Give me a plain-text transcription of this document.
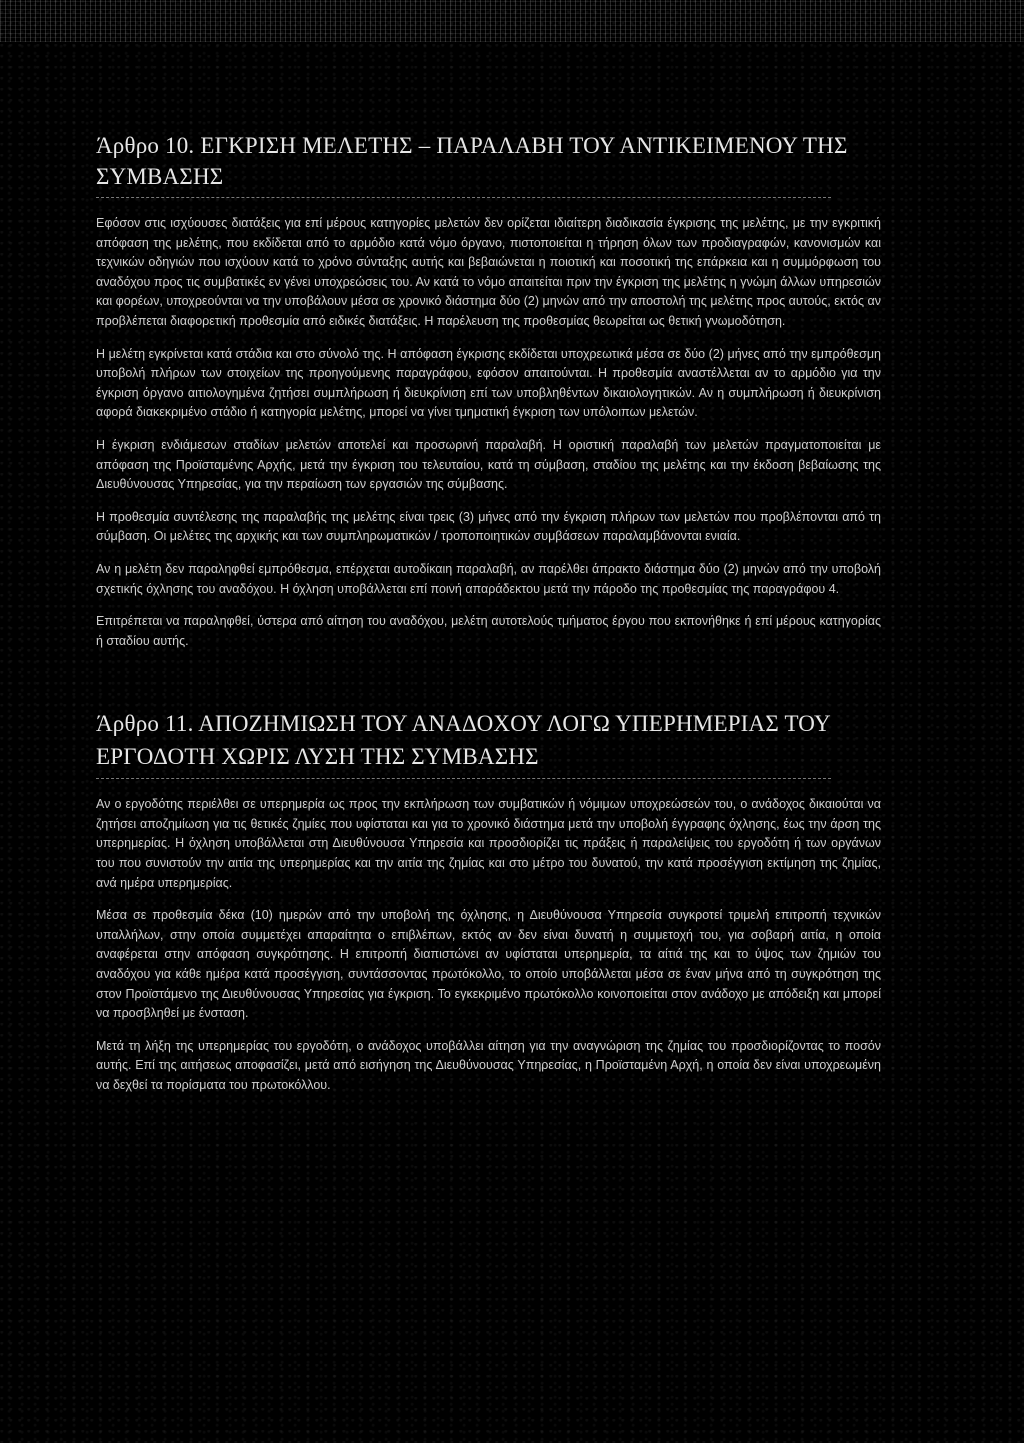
Άρθρο 10. ΕΓΚΡΙΣΗ ΜΕΛΕΤΗΣ – ΠΑΡΑΛΑΒΗ ΤΟΥ ΑΝΤΙΚΕΙΜΕΝΟΥ ΤΗΣ ΣΥΜΒΑΣΗΣ

Εφόσον στις ισχύουσες διατάξεις για επί μέρους κατηγορίες μελετών δεν ορίζεται ιδιαίτερη διαδικασία έγκρισης της μελέτης, με την εγκριτική απόφαση της μελέτης, που εκδίδεται από το αρμόδιο κατά νόμο όργανο, πιστοποιείται η τήρηση όλων των προδιαγραφών, κανονισμών και τεχνικών οδηγιών που ισχύουν κατά το χρόνο σύνταξης αυτής και βεβαιώνεται η ποιοτική και ποσοτική της επάρκεια και η συμμόρφωση του αναδόχου προς τις συμβατικές εν γένει υποχρεώσεις του. Αν κατά το νόμο απαιτείται πριν την έγκριση της μελέτης η γνώμη άλλων υπηρεσιών και φορέων, υποχρεούνται να την υποβάλουν μέσα σε χρονικό διάστημα δύο (2) μηνών από την αποστολή της μελέτης προς αυτούς, εκτός αν προβλέπεται διαφορετική προθεσμία από ειδικές διατάξεις. Η παρέλευση της προθεσμίας θεωρείται ως θετική γνωμοδότηση.

Η μελέτη εγκρίνεται κατά στάδια και στο σύνολό της. Η απόφαση έγκρισης εκδίδεται υποχρεωτικά μέσα σε δύο (2) μήνες από την εμπρόθεσμη υποβολή πλήρων των στοιχείων της προηγούμενης παραγράφου, εφόσον απαιτούνται. Η προθεσμία αναστέλλεται αν το αρμόδιο για την έγκριση όργανο αιτιολογημένα ζητήσει συμπλήρωση ή διευκρίνιση επί των υποβληθέντων δικαιολογητικών. Αν η συμπλήρωση ή διευκρίνιση αφορά διακεκριμένο στάδιο ή κατηγορία μελέτης, μπορεί να γίνει τμηματική έγκριση των υπόλοιπων μελετών.

Η έγκριση ενδιάμεσων σταδίων μελετών αποτελεί και προσωρινή παραλαβή. Η οριστική παραλαβή των μελετών πραγματοποιείται με απόφαση της Προϊσταμένης Αρχής, μετά την έγκριση του τελευταίου, κατά τη σύμβαση, σταδίου της μελέτης και την έκδοση βεβαίωσης της Διευθύνουσας Υπηρεσίας, για την περαίωση των εργασιών της σύμβασης.

Η προθεσμία συντέλεσης της παραλαβής της μελέτης είναι τρεις (3) μήνες από την έγκριση πλήρων των μελετών που προβλέπονται από τη σύμβαση. Οι μελέτες της αρχικής και των συμπληρωματικών / τροποποιητικών συμβάσεων παραλαμβάνονται ενιαία.

Αν η μελέτη δεν παραληφθεί εμπρόθεσμα, επέρχεται αυτοδίκαιη παραλαβή, αν παρέλθει άπρακτο διάστημα δύο (2) μηνών από την υποβολή σχετικής όχλησης του αναδόχου. Η όχληση υποβάλλεται επί ποινή απαράδεκτου μετά την πάροδο της προθεσμίας της παραγράφου 4.

Επιτρέπεται να παραληφθεί, ύστερα από αίτηση του αναδόχου, μελέτη αυτοτελούς τμήματος έργου που εκπονήθηκε ή επί μέρους κατηγορίας ή σταδίου αυτής.

Άρθρο 11. ΑΠΟΖΗΜΙΩΣΗ ΤΟΥ ΑΝΑΔΟΧΟΥ ΛΟΓΩ ΥΠΕΡΗΜΕΡΙΑΣ ΤΟΥ ΕΡΓΟΔΟΤΗ ΧΩΡΙΣ ΛΥΣΗ ΤΗΣ ΣΥΜΒΑΣΗΣ

Αν ο εργοδότης περιέλθει σε υπερημερία ως προς την εκπλήρωση των συμβατικών ή νόμιμων υποχρεώσεών του, ο ανάδοχος δικαιούται να ζητήσει αποζημίωση για τις θετικές ζημίες που υφίσταται και για το χρονικό διάστημα μετά την υποβολή έγγραφης όχλησης, έως την άρση της υπερημερίας. Η όχληση υποβάλλεται στη Διευθύνουσα Υπηρεσία και προσδιορίζει τις πράξεις ή παραλείψεις του εργοδότη ή των οργάνων του που συνιστούν την αιτία της υπερημερίας και την αιτία της ζημίας και στο μέτρο του δυνατού, την κατά προσέγγιση εκτίμηση της ζημίας, ανά ημέρα υπερημερίας.

Μέσα σε προθεσμία δέκα (10) ημερών από την υποβολή της όχλησης, η Διευθύνουσα Υπηρεσία συγκροτεί τριμελή επιτροπή τεχνικών υπαλλήλων, στην οποία συμμετέχει απαραίτητα ο επιβλέπων, εκτός αν δεν είναι δυνατή η συμμετοχή του, για σοβαρή αιτία, η οποία αναφέρεται στην απόφαση συγκρότησης. Η επιτροπή διαπιστώνει αν υφίσταται υπερημερία, τα αίτιά της και το ύψος των ζημιών του αναδόχου για κάθε ημέρα κατά προσέγγιση, συντάσσοντας πρωτόκολλο, το οποίο υποβάλλεται μέσα σε έναν μήνα από τη συγκρότηση της στον Προϊστάμενο της Διευθύνουσας Υπηρεσίας για έγκριση. Το εγκεκριμένο πρωτόκολλο κοινοποιείται στον ανάδοχο με απόδειξη και μπορεί να προσβληθεί με ένσταση.

Μετά τη λήξη της υπερημερίας του εργοδότη, ο ανάδοχος υποβάλλει αίτηση για την αναγνώριση της ζημίας του προσδιορίζοντας το ποσόν αυτής. Επί της αιτήσεως αποφασίζει, μετά από εισήγηση της Διευθύνουσας Υπηρεσίας, η Προϊσταμένη Αρχή, η οποία δεν είναι υποχρεωμένη να δεχθεί τα πορίσματα του πρωτοκόλλου.
